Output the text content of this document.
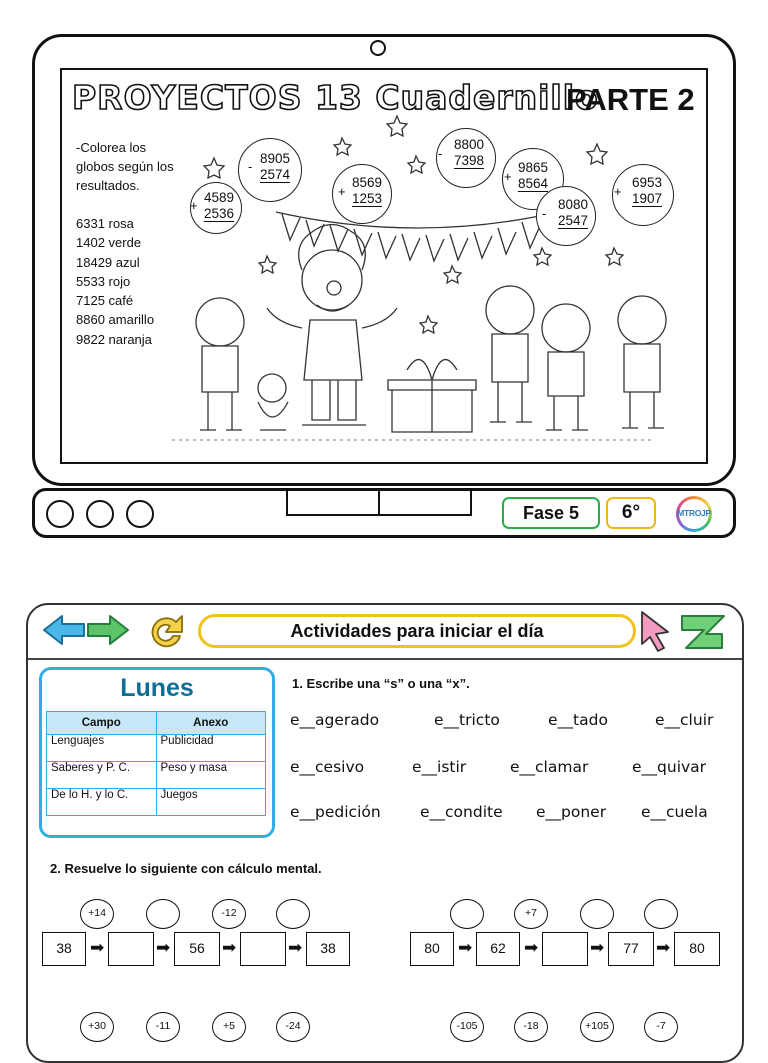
PROYECTOS 13 Cuadernillo
PARTE 2
-Colorea los globos según los resultados.
6331 rosa
1402 verde
18429 azul
5533 rojo
7125 café
8860 amarillo
9822 naranja
+
4589
2536
-
8905
2574
+
8569
1253
-
8800
7398
+
9865
8564
-
8080
2547
+
6953
1907
Fase 5	6°	MTROJP
Actividades para iniciar el día
Lunes
Campo	Anexo
Lenguajes	Publicidad
Saberes y P. C.	Peso y masa
De lo H. y lo C.	Juegos
1. Escribe una “s” o una “x”.
e__agerado	e__tricto	e__tado	e__cluir
e__cesivo	e__istir	e__clamar	e__quivar
e__pedición	e__condite e__poner e__cuela
2. Resuelve lo siguiente con cálculo mental.
+14	-12
38	➡	➡	56	➡	➡	38
+7
80	➡	62	➡	➡	77	➡	80
+30	-11	+5	-24	-105	-18	+105	-7
